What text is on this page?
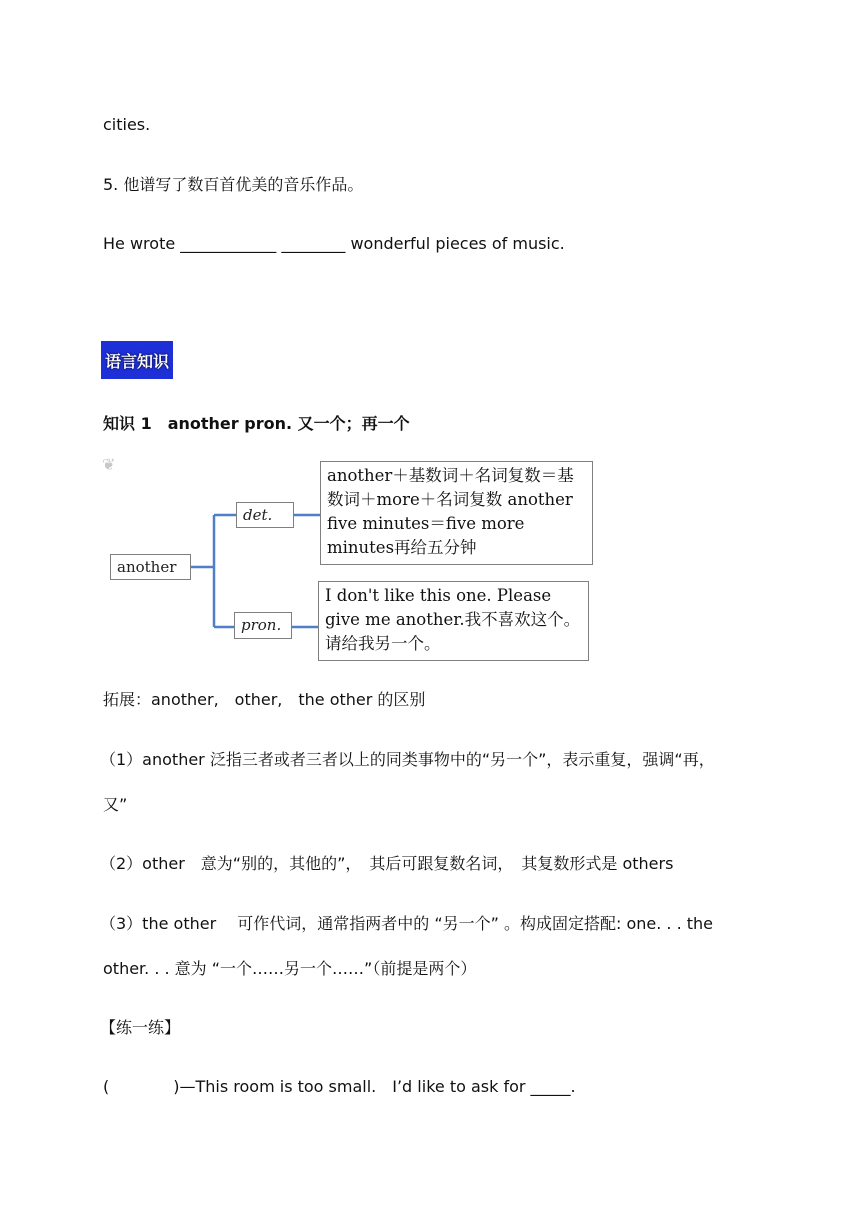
cities.
5. 他谱写了数百首优美的音乐作品。
He wrote ____________ ________ wonderful pieces of music.
语言知识
知识 1　another pron. 又一个；再一个
❦
another
det.
pron.
another＋基数词＋名词复数＝基数词＋more＋名词复数 another five minutes＝five more minutes再给五分钟
I don't like this one. Please give me another.我不喜欢这个。请给我另一个。
拓展：another,　other,　the other 的区别
（1）another 泛指三者或者三者以上的同类事物中的“另一个”，表示重复，强调“再，
又”
（2）other　意为“别的，其他的”，　其后可跟复数名词，　其复数形式是 others
（3）the other　 可作代词，通常指两者中的 “另一个” 。构成固定搭配: one. . . the
other. . . 意为 “一个……另一个……”（前提是两个）
【练一练】
(　　　　)—This room is too small.　I’d like to ask for _____.
